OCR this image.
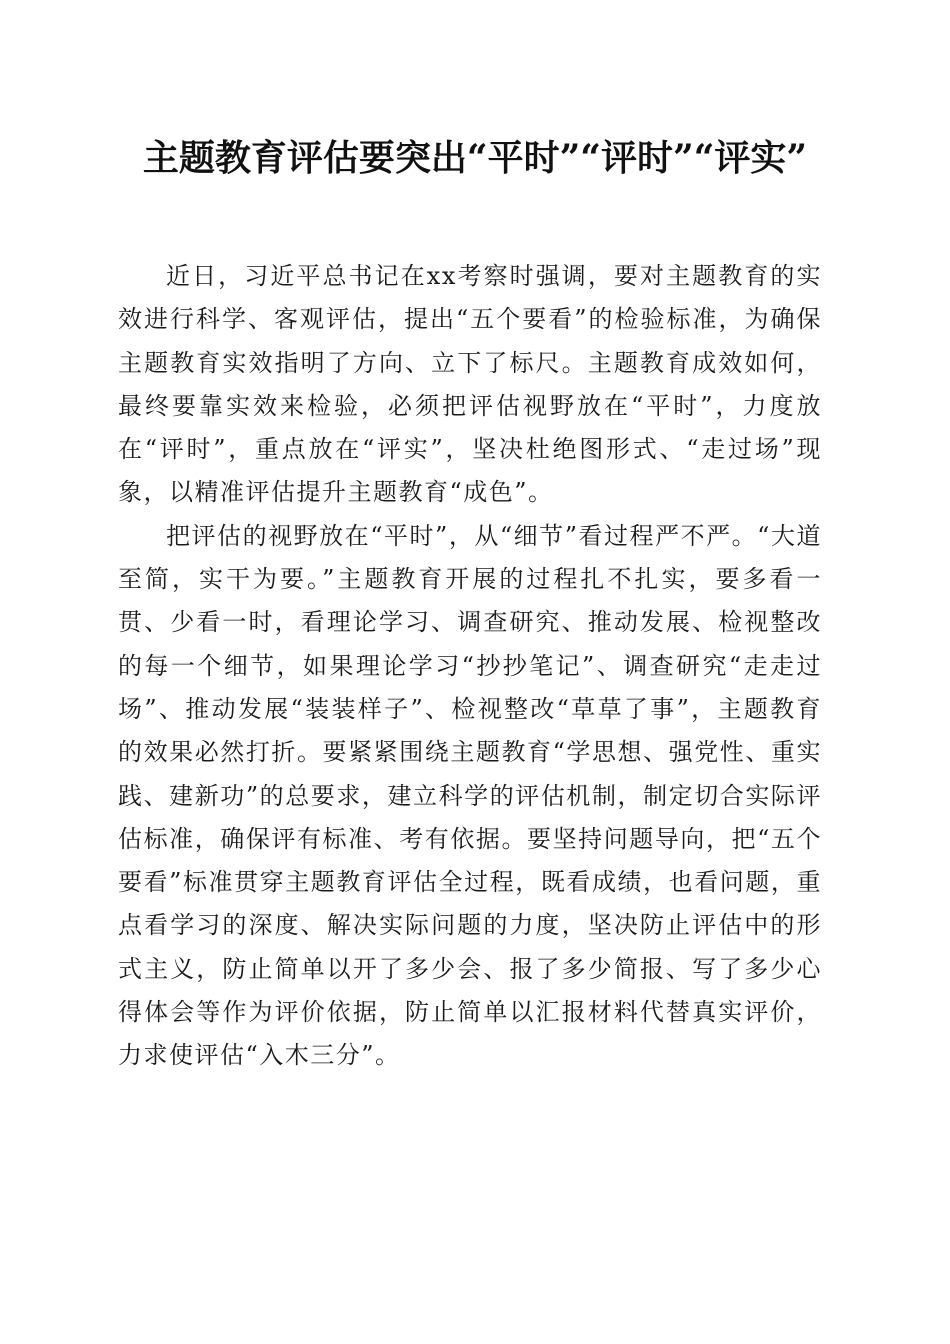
主题教育评估要突出“平时”“评时”“评实”

近日，习近平总书记在xx考察时强调，要对主题教育的实效进行科学、客观评估，提出“五个要看”的检验标准，为确保主题教育实效指明了方向、立下了标尺。主题教育成效如何，最终要靠实效来检验，必须把评估视野放在“平时”，力度放在“评时”，重点放在“评实”，坚决杜绝图形式、“走过场”现象，以精准评估提升主题教育“成色”。

把评估的视野放在“平时”，从“细节”看过程严不严。“大道至简，实干为要。”主题教育开展的过程扎不扎实，要多看一贯、少看一时，看理论学习、调查研究、推动发展、检视整改的每一个细节，如果理论学习“抄抄笔记”、调查研究“走走过场”、推动发展“装装样子”、检视整改“草草了事”，主题教育的效果必然打折。要紧紧围绕主题教育“学思想、强党性、重实践、建新功”的总要求，建立科学的评估机制，制定切合实际评估标准，确保评有标准、考有依据。要坚持问题导向，把“五个要看”标准贯穿主题教育评估全过程，既看成绩，也看问题，重点看学习的深度、解决实际问题的力度，坚决防止评估中的形式主义，防止简单以开了多少会、报了多少简报、写了多少心得体会等作为评价依据，防止简单以汇报材料代替真实评价，力求使评估“入木三分”。
